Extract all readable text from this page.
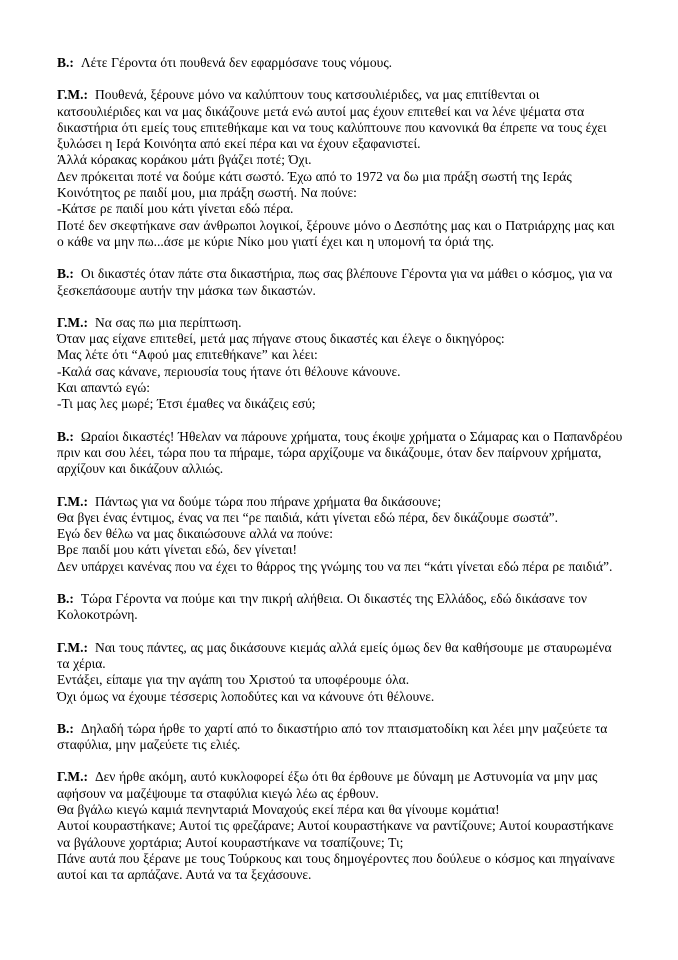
Β.: Λέτε Γέροντα ότι πουθενά δεν εφαρμόσανε τους νόμους.

Γ.Μ.: Πουθενά, ξέρουνε μόνο να καλύπτουν τους κατσουλιέριδες, να μας επιτίθενται οι κατσουλιέριδες και να μας δικάζουνε μετά ενώ αυτοί μας έχουν επιτεθεί και να λένε ψέματα στα δικαστήρια ότι εμείς τους επιτεθήκαμε και να τους καλύπτουνε που κανονικά θα έπρεπε να τους έχει ξυλώσει η Ιερά Κοινόητα από εκεί πέρα και να έχουν εξαφανιστεί.
Άλλά κόρακας κοράκου μάτι βγάζει ποτέ; Όχι.
Δεν πρόκειται ποτέ να δούμε κάτι σωστό. Έχω από το 1972 να δω μια πράξη σωστή της Ιεράς Κοινότητος ρε παιδί μου, μια πράξη σωστή. Να πούνε:
-Κάτσε ρε παιδί μου κάτι γίνεται εδώ πέρα.
Ποτέ δεν σκεφτήκανε σαν άνθρωποι λογικοί, ξέρουνε μόνο ο Δεσπότης μας και ο Πατριάρχης μας και ο κάθε να μην πω...άσε με κύριε Νίκο μου γιατί έχει και η υπομονή τα όριά της.

Β.: Οι δικαστές όταν πάτε στα δικαστήρια, πως σας βλέπουνε Γέροντα για να μάθει ο κόσμος, για να ξεσκεπάσουμε αυτήν την μάσκα των δικαστών.

Γ.Μ.: Να σας πω μια περίπτωση.
Όταν μας είχανε επιτεθεί, μετά μας πήγανε στους δικαστές και έλεγε ο δικηγόρος:
Μας λέτε ότι “Αφού μας επιτεθήκανε” και λέει:
-Καλά σας κάνανε, περιουσία τους ήτανε ότι θέλουνε κάνουνε.
Και απαντώ εγώ:
-Τι μας λες μωρέ; Έτσι έμαθες να δικάζεις εσύ;

Β.: Ωραίοι δικαστές! Ήθελαν να πάρουνε χρήματα, τους έκοψε χρήματα ο Σάμαρας και ο Παπανδρέου πριν και σου λέει, τώρα που τα πήραμε, τώρα αρχίζουμε να δικάζουμε, όταν δεν παίρνουν χρήματα, αρχίζουν και δικάζουν αλλιώς.

Γ.Μ.: Πάντως για να δούμε τώρα που πήρανε χρήματα θα δικάσουνε;
Θα βγει ένας έντιμος, ένας να πει “ρε παιδιά, κάτι γίνεται εδώ πέρα, δεν δικάζουμε σωστά”.
Εγώ δεν θέλω να μας δικαιώσουνε αλλά να πούνε:
Βρε παιδί μου κάτι γίνεται εδώ, δεν γίνεται!
Δεν υπάρχει κανένας που να έχει το θάρρος της γνώμης του να πει “κάτι γίνεται εδώ πέρα ρε παιδιά”.

Β.: Τώρα Γέροντα να πούμε και την πικρή αλήθεια. Οι δικαστές της Ελλάδος, εδώ δικάσανε τον Κολοκοτρώνη.

Γ.Μ.: Ναι τους πάντες, ας μας δικάσουνε κιεμάς αλλά εμείς όμως δεν θα καθήσουμε με σταυρωμένα τα χέρια.
Εντάξει, είπαμε για την αγάπη του Χριστού τα υποφέρουμε όλα.
Όχι όμως να έχουμε τέσσερις λοποδύτες και να κάνουνε ότι θέλουνε.

Β.: Δηλαδή τώρα ήρθε το χαρτί από το δικαστήριο από τον πταισματοδίκη και λέει μην μαζεύετε τα σταφύλια, μην μαζεύετε τις ελιές.

Γ.Μ.: Δεν ήρθε ακόμη, αυτό κυκλοφορεί έξω ότι θα έρθουνε με δύναμη με Αστυνομία να μην μας αφήσουν να μαζέψουμε τα σταφύλια κιεγώ λέω ας έρθουν.
Θα βγάλω κιεγώ καμιά πενηνταριά Μοναχούς εκεί πέρα και θα γίνουμε κομάτια!
Αυτοί κουραστήκανε; Αυτοί τις φρεζάρανε; Αυτοί κουραστήκανε να ραντίζουνε; Αυτοί κουραστήκανε να βγάλουνε χορτάρια; Αυτοί κουραστήκανε να τσαπίζουνε; Τι;
Πάνε αυτά που ξέρανε με τους Τούρκους και τους δημογέροντες που δούλευε ο κόσμος και πηγαίνανε αυτοί και τα αρπάζανε. Αυτά να τα ξεχάσουνε.
